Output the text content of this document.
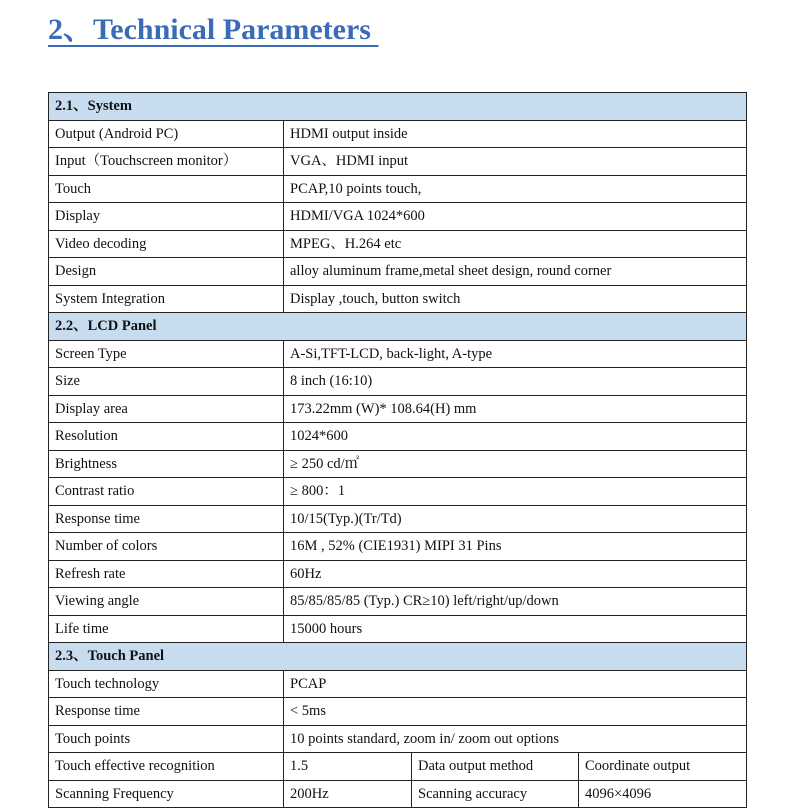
2、Technical Parameters
2.1、System			
Output (Android PC)	HDMI output inside		
Input（Touchscreen monitor）	VGA、HDMI input		
Touch	PCAP,10 points touch,		
Display	HDMI/VGA 1024*600		
Video decoding	MPEG、H.264 etc		
Design	alloy aluminum frame,metal sheet design, round corner		
System Integration	Display ,touch, button switch		
2.2、LCD Panel			
Screen Type	A-Si,TFT-LCD, back-light, A-type		
Size	8 inch (16:10)		
Display area	173.22mm (W)* 108.64(H) mm		
Resolution	1024*600		
Brightness	≥ 250 cd/㎡		
Contrast ratio	≥ 800：1		
Response time	10/15(Typ.)(Tr/Td)		
Number of colors	16M , 52% (CIE1931) MIPI 31 Pins		
Refresh rate	60Hz		
Viewing angle	85/85/85/85 (Typ.) CR≥10) left/right/up/down		
Life time	15000 hours		
2.3、Touch Panel			
Touch technology	PCAP		
Response time	< 5ms		
Touch points	10 points standard, zoom in/ zoom out options		
Touch effective recognition	1.5	Data output method	Coordinate output
Scanning Frequency	200Hz	Scanning accuracy	4096×4096
